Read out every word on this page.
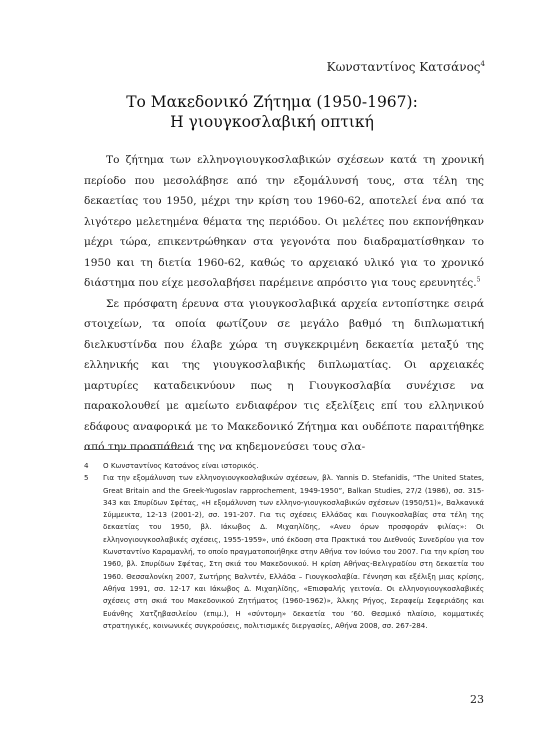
Κωνσταντίνος Κατσάνος$^4$
Το Μακεδονικό Ζήτημα (1950-1967):
Η γιουγκοσλαβική οπτική

Το ζήτημα των ελληνογιουγκοσλαβικών σχέσεων κατά τη χρονική περίοδο που μεσολάβησε από την εξομάλυνσή τους, στα τέλη της δεκαετίας του 1950, μέχρι την κρίση του 1960-62, αποτελεί ένα από τα λιγότερο μελετημένα θέματα της περιόδου. Οι μελέτες που εκπονήθηκαν μέχρι τώρα, επικεντρώθηκαν στα γεγονότα που διαδραματίσθηκαν το 1950 και τη διετία 1960-62, καθώς το αρχειακό υλικό για το χρονικό διάστημα που είχε μεσολαβήσει παρέμεινε απρόσιτο για τους ερευνητές.$^5$

Σε πρόσφατη έρευνα στα γιουγκοσλαβικά αρχεία εντοπίστηκε σειρά στοιχείων, τα οποία φωτίζουν σε μεγάλο βαθμό τη διπλωματική διελκυστίνδα που έλαβε χώρα τη συγκεκριμένη δεκαετία μεταξύ της ελληνικής και της γιουγκοσλαβικής διπλωματίας. Οι αρχειακές μαρτυρίες καταδεικνύουν πως η Γιουγκοσλαβία συνέχισε να παρακολουθεί με αμείωτο ενδιαφέρον τις εξελίξεις επί του ελληνικού εδάφους αναφορικά με το Μακεδονικό Ζήτημα και ουδέποτε παραιτήθηκε από την προσπάθειά της να κηδεμονεύσει τους σλα-

4	Ο Κωνσταντίνος Κατσάνος είναι ιστορικός.
5	Για την εξομάλυνση των ελληνογιουγκοσλαβικών σχέσεων, βλ. Yannis D. Stefanidis, “The United States, Great Britain and the Greek-Yugoslav rapprochement, 1949-1950”, Balkan Studies, 27/2 (1986), σσ. 315-343 και Σπυρίδων Σφέτας, «Η εξομάλυνση των ελληνο-γιουγκοσλαβικών σχέσεων (1950/51)», Βαλκανικά Σύμμεικτα, 12-13 (2001-2), σσ. 191-207. Για τις σχέσεις Ελλάδας και Γιουγκοσλαβίας στα τέλη της δεκαετίας του 1950, βλ. Ιάκωβος Δ. Μιχαηλίδης, «Ανευ όρων προσφοράν φιλίας»: Οι ελληνογιουγκοσλαβικές σχέσεις, 1955-1959», υπό έκδοση στα Πρακτικά του Διεθνούς Συνεδρίου για τον Κωνσταντίνο Καραμανλή, το οποίο πραγματοποιήθηκε στην Αθήνα τον Ιούνιο του 2007. Για την κρίση του 1960, βλ. Σπυρίδων Σφέτας, Στη σκιά του Μακεδονικού. Η κρίση Αθήνας-Βελιγραδίου στη δεκαετία του 1960. Θεσσαλονίκη 2007, Σωτήρης Βαλντέν, Ελλάδα – Γιουγκοσλαβία. Γέννηση και εξέλιξη μιας κρίσης, Αθήνα 1991, σσ. 12-17 και Ιάκωβος Δ. Μιχαηλίδης, «Επισφαλής γειτονία. Οι ελληνογιουγκοσλαβικές σχέσεις στη σκιά του Μακεδονικού Ζητήματος (1960-1962)», Άλκης Ρήγος, Σεραφείμ Σεφεριάδης και Ευάνθης Χατζηβασιλείου (επιμ.), Η «σύντομη» δεκαετία του ’60. Θεσμικό πλαίσιο, κομματικές στρατηγικές, κοινωνικές συγκρούσεις, πολιτισμικές διεργασίες, Αθήνα 2008, σσ. 267-284.
23
